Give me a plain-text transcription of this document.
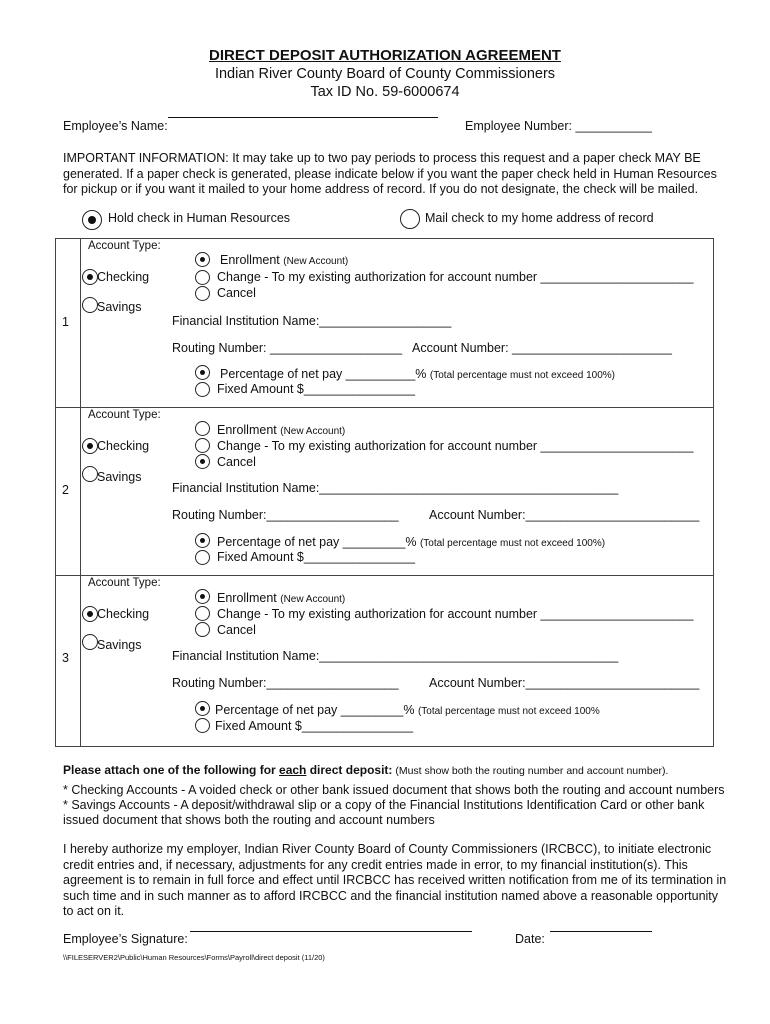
DIRECT DEPOSIT AUTHORIZATION AGREEMENT
Indian River County Board of County Commissioners
Tax ID No. 59-6000674
Employee’s Name:	Employee Number: ___________
IMPORTANT INFORMATION: It may take up to two pay periods to process this request and a paper check MAY BE
generated. If a paper check is generated, please indicate below if you want the paper check held in Human Resources
for pickup or if you want it mailed to your home address of record. If you do not designate, the check will be mailed.
Hold check in Human Resources	Mail check to my home address of record
1
Account Type:
Checking
Savings
Enrollment (New Account)
Change - To my existing authorization for account number ______________________
Cancel
Financial Institution Name:___________________
Routing Number: ___________________ Account Number: _______________________
Percentage of net pay __________% (Total percentage must not exceed 100%)
Fixed Amount $________________
2
Account Type:
Checking
Savings
Enrollment (New Account)
Change - To my existing authorization for account number ______________________
Cancel
Financial Institution Name:___________________________________________
Routing Number:___________________ Account Number:_________________________
Percentage of net pay _________% (Total percentage must not exceed 100%)
Fixed Amount $________________
3
Account Type:
Checking
Savings
Enrollment (New Account)
Change - To my existing authorization for account number ______________________
Cancel
Financial Institution Name:___________________________________________
Routing Number:___________________ Account Number:_________________________
Percentage of net pay _________% (Total percentage must not exceed 100%
Fixed Amount $________________
Please attach one of the following for each direct deposit: (Must show both the routing number and account number).
* Checking Accounts - A voided check or other bank issued document that shows both the routing and account numbers
* Savings Accounts - A deposit/withdrawal slip or a copy of the Financial Institutions Identification Card or other bank
issued document that shows both the routing and account numbers
I hereby authorize my employer, Indian River County Board of County Commissioners (IRCBCC), to initiate electronic
credit entries and, if necessary, adjustments for any credit entries made in error, to my financial institution(s). This
agreement is to remain in full force and effect until IRCBCC has received written notification from me of its termination in
such time and in such manner as to afford IRCBCC and the financial institution named above a reasonable opportunity
to act on it.
Employee’s Signature:	Date:
\\FILESERVER2\Public\Human Resources\Forms\Payroll\direct deposit (11/20)
